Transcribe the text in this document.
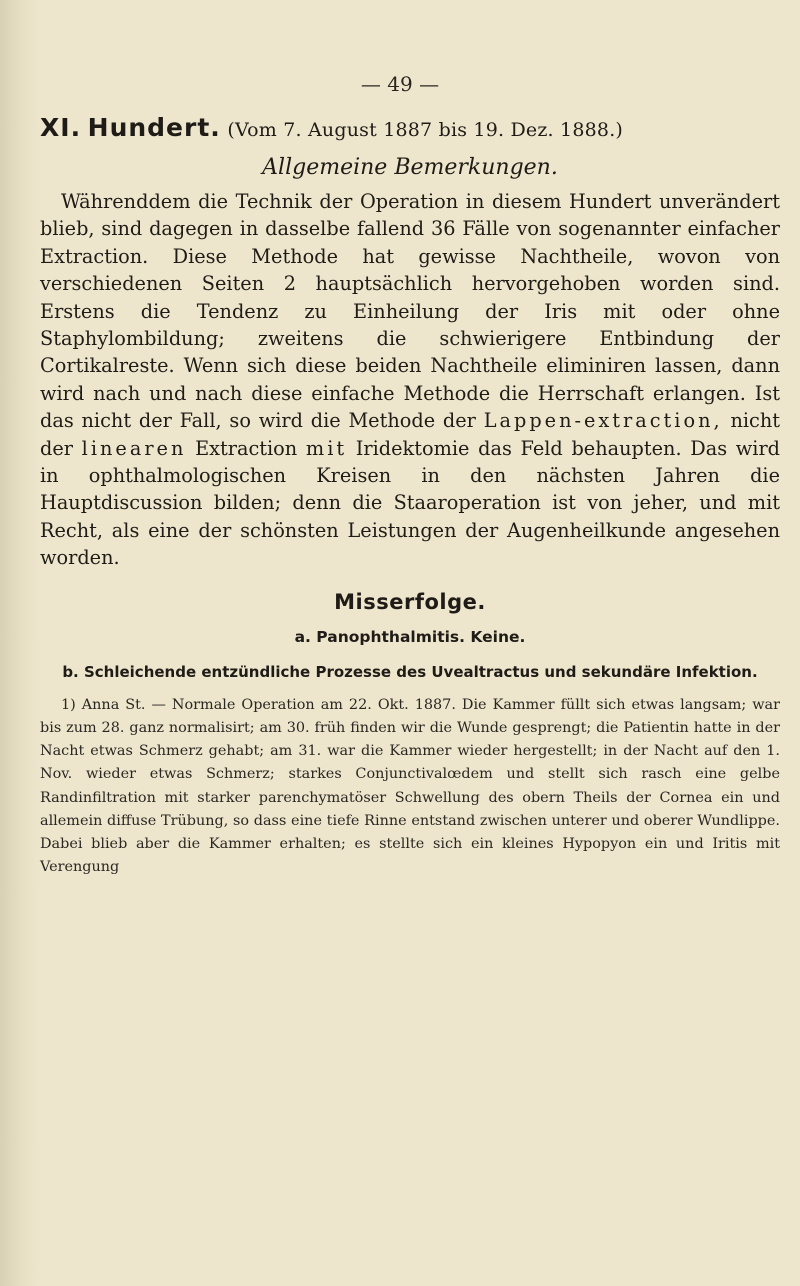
— 49 —
XI. Hundert. (Vom 7. August 1887 bis 19. Dez. 1888.)
Allgemeine Bemerkungen.
Währenddem die Technik der Operation in diesem Hundert unverändert blieb, sind dagegen in dasselbe fallend 36 Fälle von sogenannter einfacher Extraction. Diese Methode hat gewisse Nachtheile, wovon von verschiedenen Seiten 2 hauptsächlich hervorgehoben worden sind. Erstens die Tendenz zu Einheilung der Iris mit oder ohne Staphylombildung; zweitens die schwierigere Entbindung der Cortikalreste. Wenn sich diese beiden Nachtheile eliminiren lassen, dann wird nach und nach diese einfache Methode die Herrschaft erlangen. Ist das nicht der Fall, so wird die Methode der Lappen-extraction, nicht der linearen Extraction mit Iridektomie das Feld behaupten. Das wird in ophthalmologischen Kreisen in den nächsten Jahren die Hauptdiscussion bilden; denn die Staaroperation ist von jeher, und mit Recht, als eine der schönsten Leistungen der Augenheilkunde angesehen worden.
Misserfolge.
a. Panophthalmitis. Keine.
b. Schleichende entzündliche Prozesse des Uvealtractus und sekundäre Infektion.
1) Anna St. — Normale Operation am 22. Okt. 1887. Die Kammer füllt sich etwas langsam; war bis zum 28. ganz normalisirt; am 30. früh finden wir die Wunde gesprengt; die Patientin hatte in der Nacht etwas Schmerz gehabt; am 31. war die Kammer wieder hergestellt; in der Nacht auf den 1. Nov. wieder etwas Schmerz; starkes Conjunctivalœdem und stellt sich rasch eine gelbe Randinfiltration mit starker parenchymatöser Schwellung des obern Theils der Cornea ein und allemein diffuse Trübung, so dass eine tiefe Rinne entstand zwischen unterer und oberer Wundlippe. Dabei blieb aber die Kammer erhalten; es stellte sich ein kleines Hypopyon ein und Iritis mit Verengung
